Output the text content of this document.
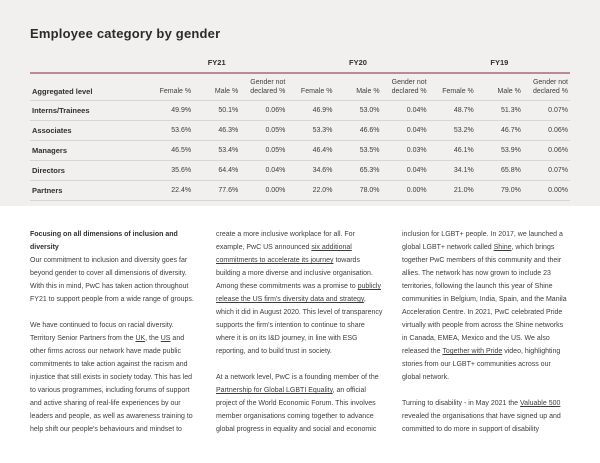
Employee category by gender
	FY21			FY20			FY19		
Aggregated level	Female %	Male %	Gender not declared %	Female %	Male %	Gender not declared %	Female %	Male %	Gender not declared %
Interns/Trainees	49.9%	50.1%	0.06%	46.9%	53.0%	0.04%	48.7%	51.3%	0.07%
Associates	53.6%	46.3%	0.05%	53.3%	46.6%	0.04%	53.2%	46.7%	0.06%
Managers	46.5%	53.4%	0.05%	46.4%	53.5%	0.03%	46.1%	53.9%	0.06%
Directors	35.6%	64.4%	0.04%	34.6%	65.3%	0.04%	34.1%	65.8%	0.07%
Partners	22.4%	77.6%	0.00%	22.0%	78.0%	0.00%	21.0%	79.0%	0.00%
Focusing on all dimensions of inclusion and diversity

Our commitment to inclusion and diversity goes far beyond gender to cover all dimensions of diversity. With this in mind, PwC has taken action throughout FY21 to support people from a wide range of groups.

We have continued to focus on racial diversity. Territory Senior Partners from the UK, the US and other firms across our network have made public commitments to take action against the racism and injustice that still exists in society today. This has led to various programmes, including forums of support and active sharing of real-life experiences by our leaders and people, as well as awareness training to help shift our people's behaviours and mindset to

create a more inclusive workplace for all. For example, PwC US announced six additional commitments to accelerate its journey towards building a more diverse and inclusive organisation. Among these commitments was a promise to publicly release the US firm's diversity data and strategy, which it did in August 2020. This level of transparency supports the firm's intention to continue to share where it is on its I&D journey, in line with ESG reporting, and to build trust in society.

At a network level, PwC is a founding member of the Partnership for Global LGBTI Equality, an official project of the World Economic Forum. This involves member organisations coming together to advance global progress in equality and social and economic

inclusion for LGBT+ people. In 2017, we launched a global LGBT+ network called Shine, which brings together PwC members of this community and their allies. The network has now grown to include 23 territories, following the launch this year of Shine communities in Belgium, India, Spain, and the Manila Acceleration Centre. In 2021, PwC celebrated Pride virtually with people from across the Shine networks in Canada, EMEA, Mexico and the US. We also released the Together with Pride video, highlighting stories from our LGBT+ communities across our global network.

Turning to disability - in May 2021 the Valuable 500 revealed the organisations that have signed up and committed to do more in support of disability
